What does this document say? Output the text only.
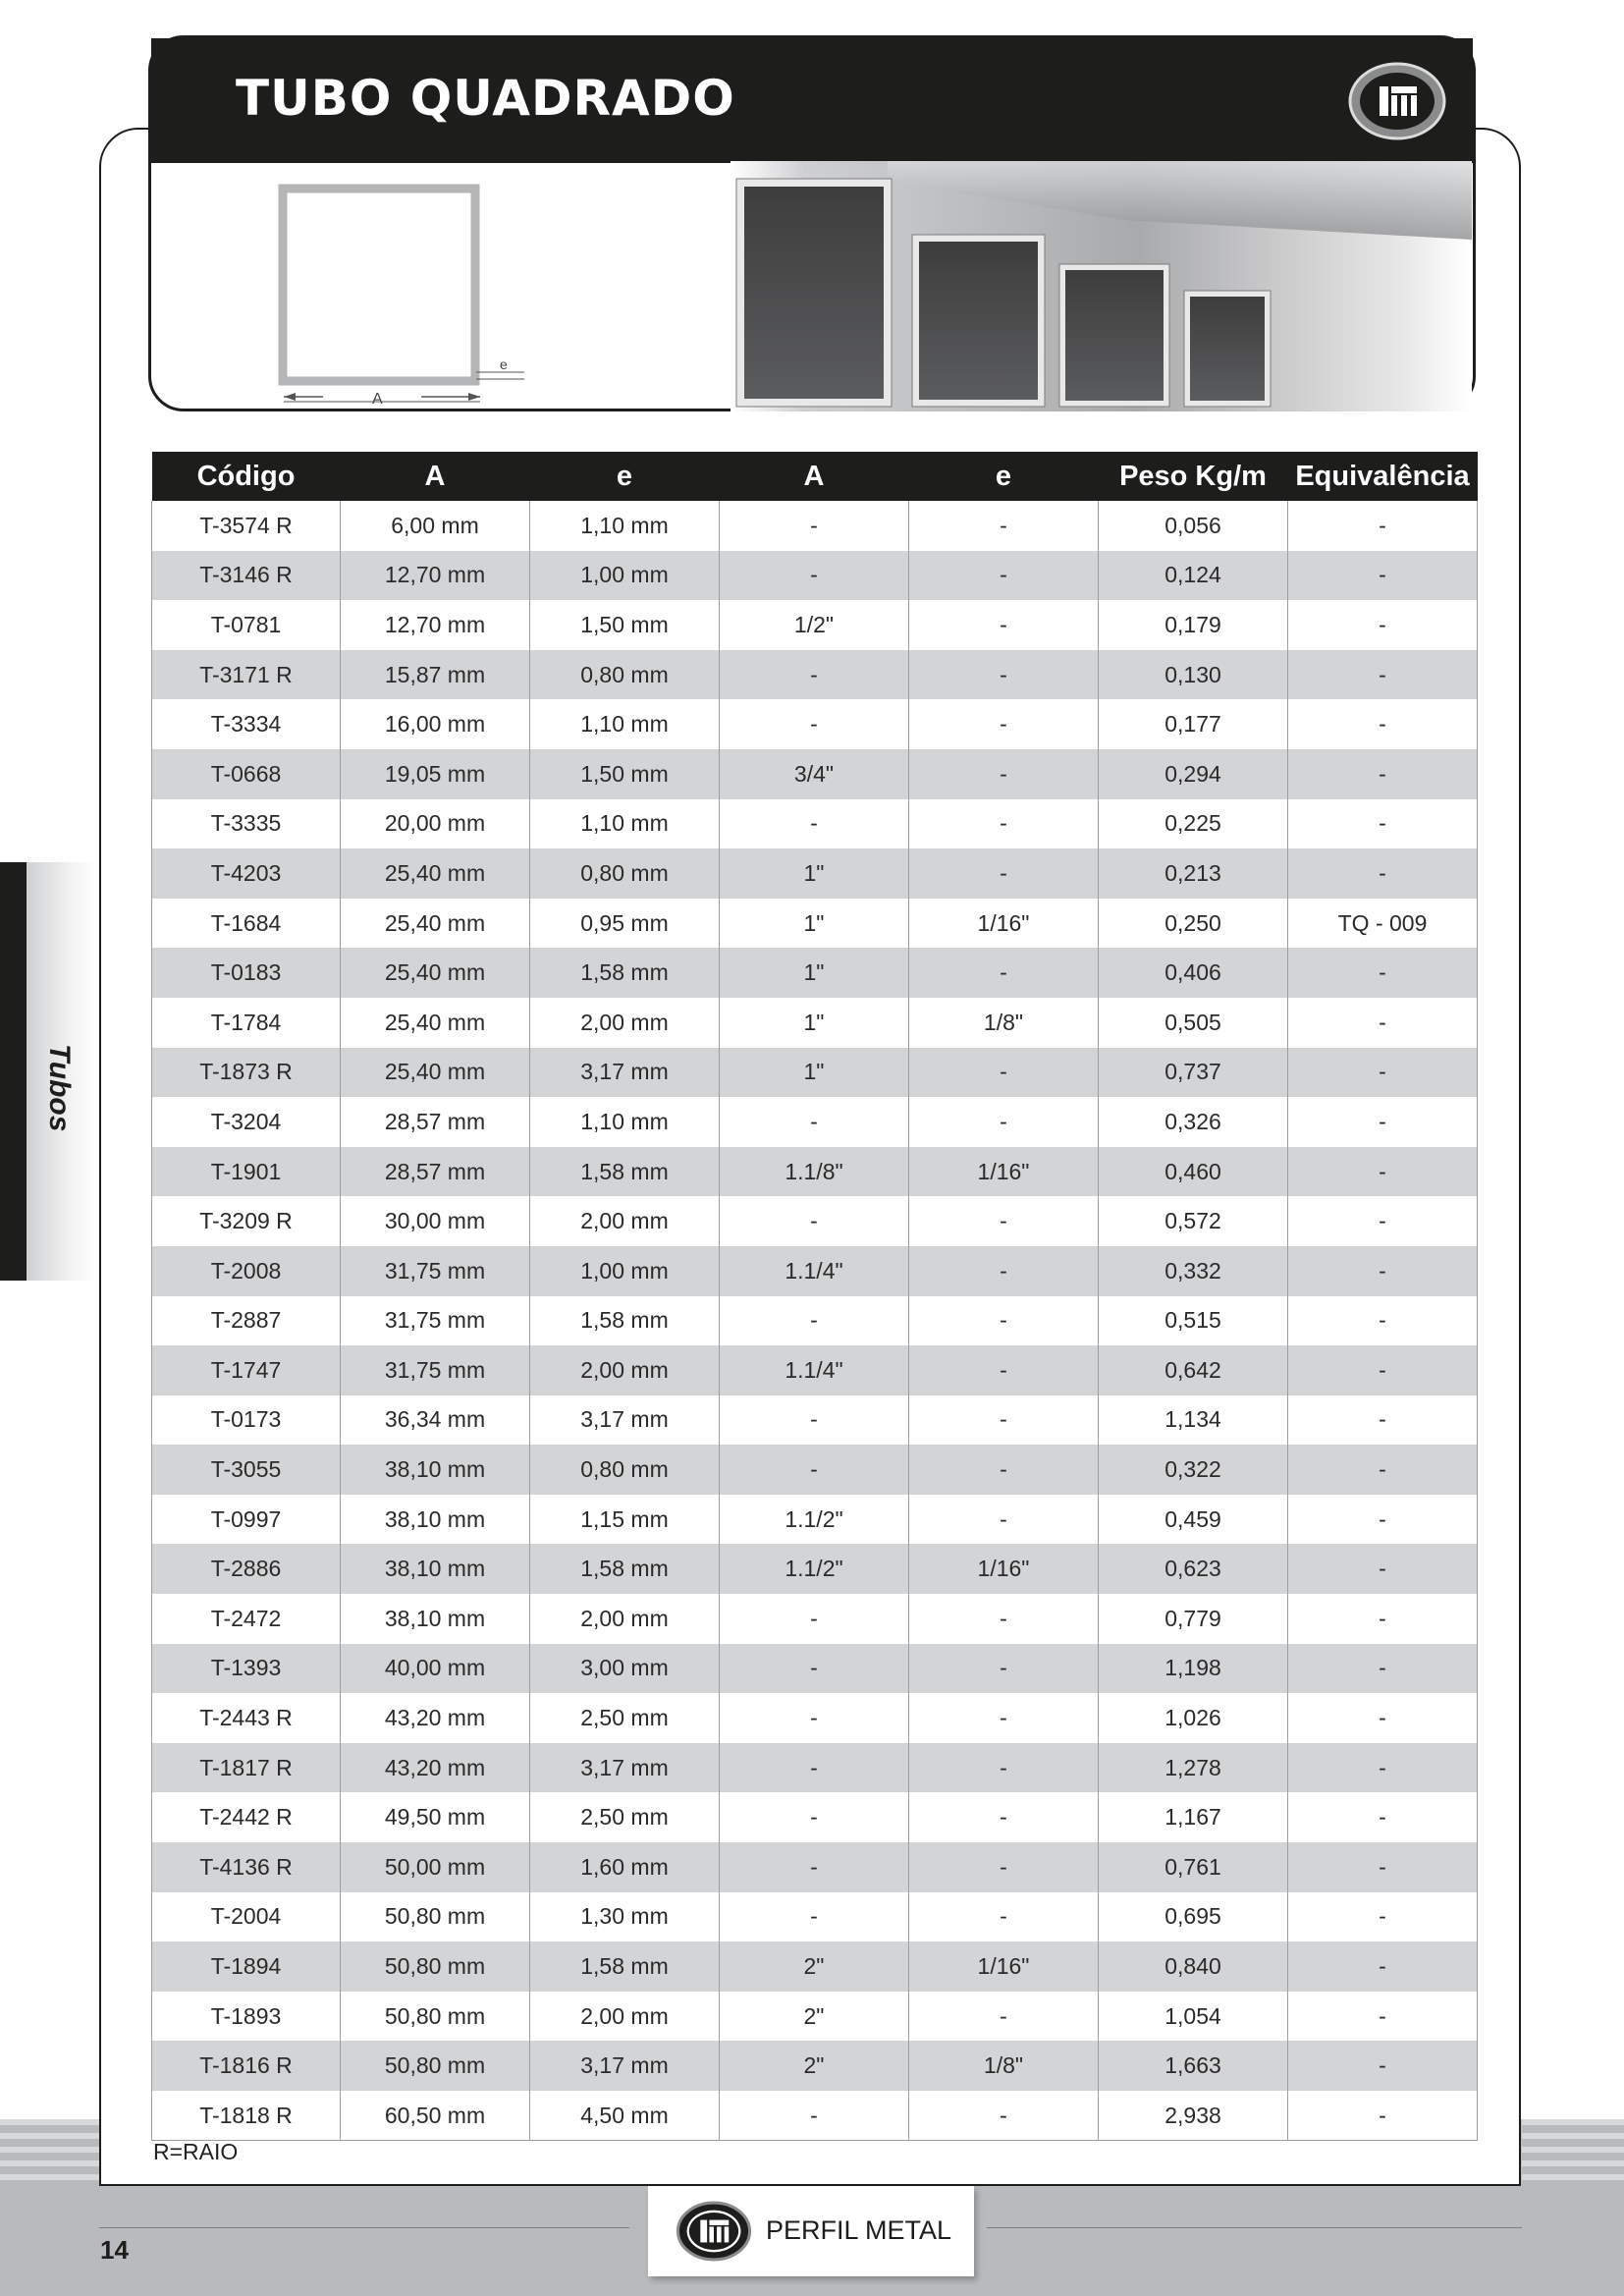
Tubos
TUBO QUADRADO
A
e
Código	A	e	A	e	Peso Kg/m	Equivalência
T-3574 R	6,00 mm	1,10 mm	-	-	0,056	-
T-3146 R	12,70 mm	1,00 mm	-	-	0,124	-
T-0781	12,70 mm	1,50 mm	1/2"	-	0,179	-
T-3171 R	15,87 mm	0,80 mm	-	-	0,130	-
T-3334	16,00 mm	1,10 mm	-	-	0,177	-
T-0668	19,05 mm	1,50 mm	3/4"	-	0,294	-
T-3335	20,00 mm	1,10 mm	-	-	0,225	-
T-4203	25,40 mm	0,80 mm	1"	-	0,213	-
T-1684	25,40 mm	0,95 mm	1"	1/16"	0,250	TQ - 009
T-0183	25,40 mm	1,58 mm	1"	-	0,406	-
T-1784	25,40 mm	2,00 mm	1"	1/8"	0,505	-
T-1873 R	25,40 mm	3,17 mm	1"	-	0,737	-
T-3204	28,57 mm	1,10 mm	-	-	0,326	-
T-1901	28,57 mm	1,58 mm	1.1/8"	1/16"	0,460	-
T-3209 R	30,00 mm	2,00 mm	-	-	0,572	-
T-2008	31,75 mm	1,00 mm	1.1/4"	-	0,332	-
T-2887	31,75 mm	1,58 mm	-	-	0,515	-
T-1747	31,75 mm	2,00 mm	1.1/4"	-	0,642	-
T-0173	36,34 mm	3,17 mm	-	-	1,134	-
T-3055	38,10 mm	0,80 mm	-	-	0,322	-
T-0997	38,10 mm	1,15 mm	1.1/2"	-	0,459	-
T-2886	38,10 mm	1,58 mm	1.1/2"	1/16"	0,623	-
T-2472	38,10 mm	2,00 mm	-	-	0,779	-
T-1393	40,00 mm	3,00 mm	-	-	1,198	-
T-2443 R	43,20 mm	2,50 mm	-	-	1,026	-
T-1817 R	43,20 mm	3,17 mm	-	-	1,278	-
T-2442 R	49,50 mm	2,50 mm	-	-	1,167	-
T-4136 R	50,00 mm	1,60 mm	-	-	0,761	-
T-2004	50,80 mm	1,30 mm	-	-	0,695	-
T-1894	50,80 mm	1,58 mm	2"	1/16"	0,840	-
T-1893	50,80 mm	2,00 mm	2"	-	1,054	-
T-1816 R	50,80 mm	3,17 mm	2"	1/8"	1,663	-
T-1818 R	60,50 mm	4,50 mm	-	-	2,938	-
R=RAIO
PERFIL METAL
14
